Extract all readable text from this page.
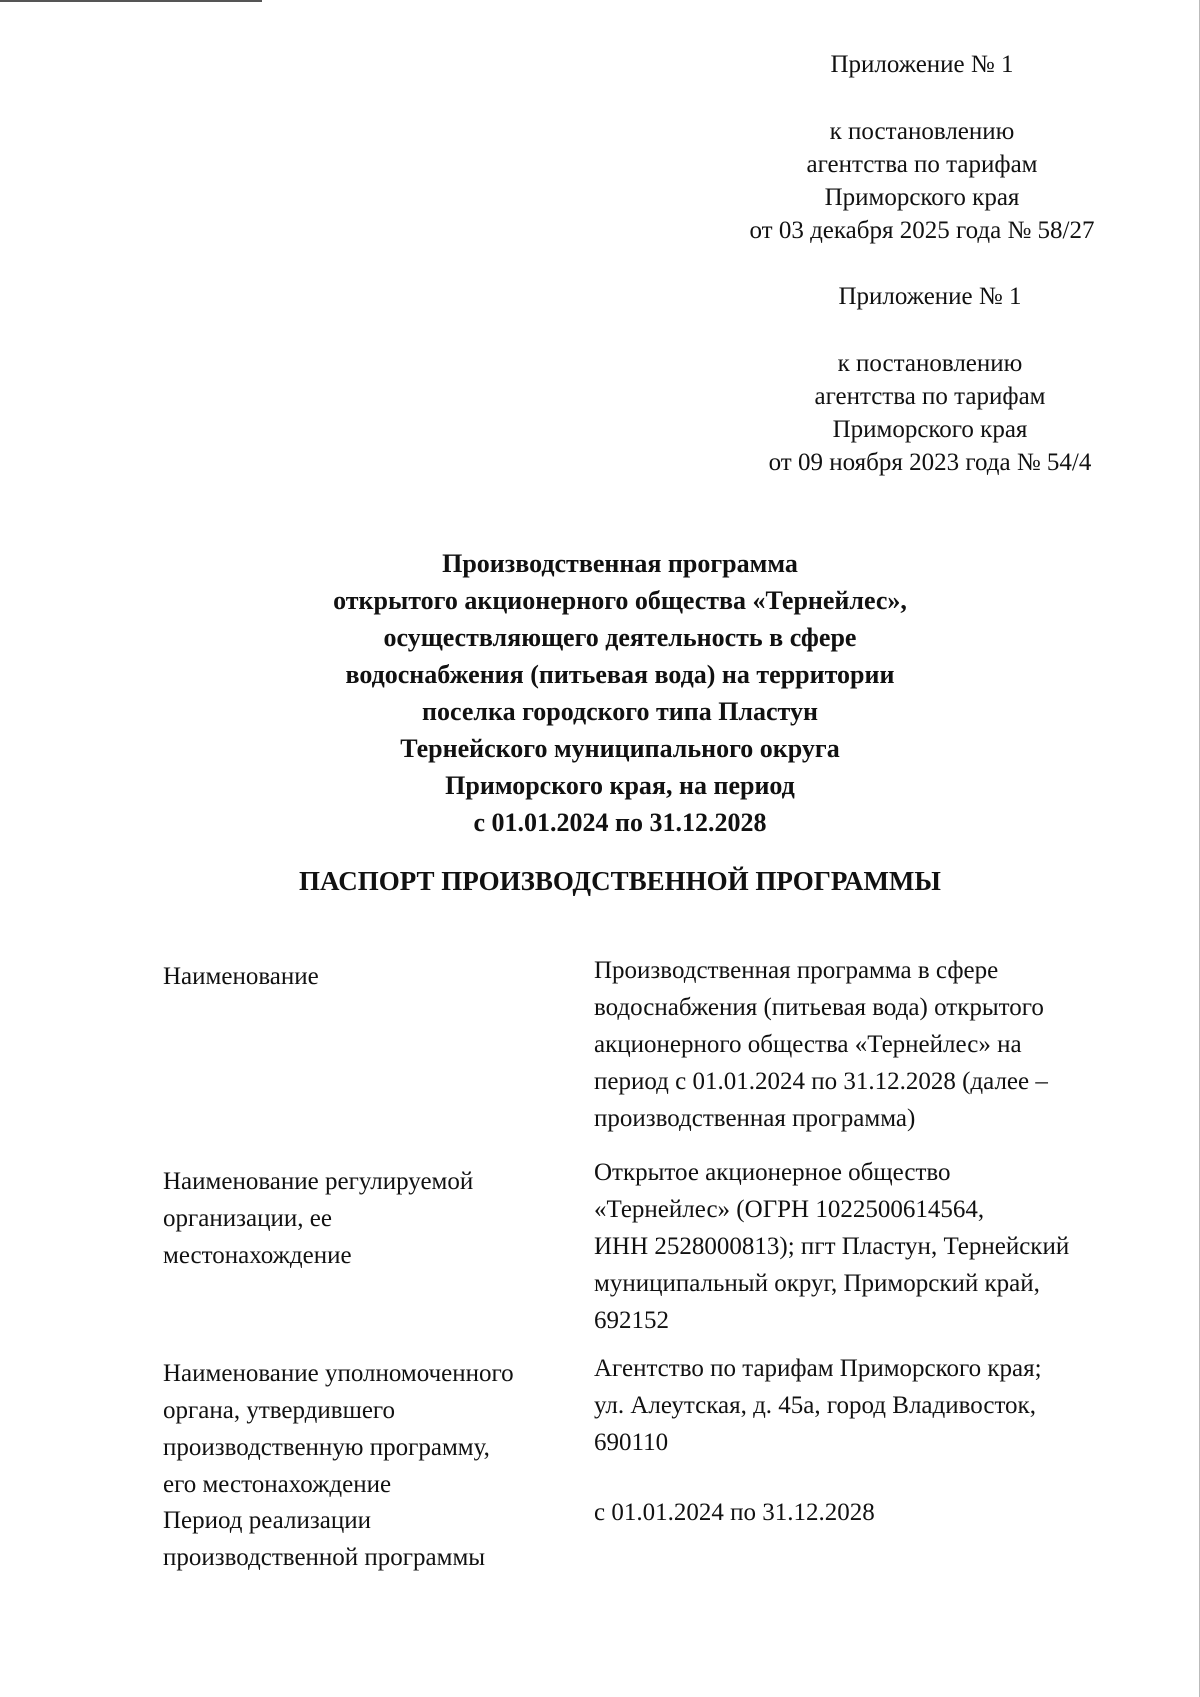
Приложение № 1
к постановлению
агентства по тарифам
Приморского края
от 03 декабря 2025 года № 58/27
Приложение № 1
к постановлению
агентства по тарифам
Приморского края
от 09 ноября 2023 года № 54/4
Производственная программа
открытого акционерного общества «Тернейлес»,
осуществляющего деятельность в сфере
водоснабжения (питьевая вода) на территории
поселка городского типа Пластун
Тернейского муниципального округа
Приморского края, на период
с 01.01.2024 по 31.12.2028
ПАСПОРТ ПРОИЗВОДСТВЕННОЙ ПРОГРАММЫ
Наименование	Производственная программа в сфере
водоснабжения (питьевая вода) открытого
акционерного общества «Тернейлес» на
период с 01.01.2024 по 31.12.2028 (далее –
производственная программа)
Наименование регулируемой
организации, ее
местонахождение
Открытое акционерное общество
«Тернейлес» (ОГРН 1022500614564,
ИНН 2528000813); пгт Пластун, Тернейский
муниципальный округ, Приморский край,
692152
Наименование уполномоченного
органа, утвердившего
производственную программу,
его местонахождение
Агентство по тарифам Приморского края;
ул. Алеутская, д. 45а, город Владивосток,
690110
Период реализации
производственной программы
с 01.01.2024 по 31.12.2028
